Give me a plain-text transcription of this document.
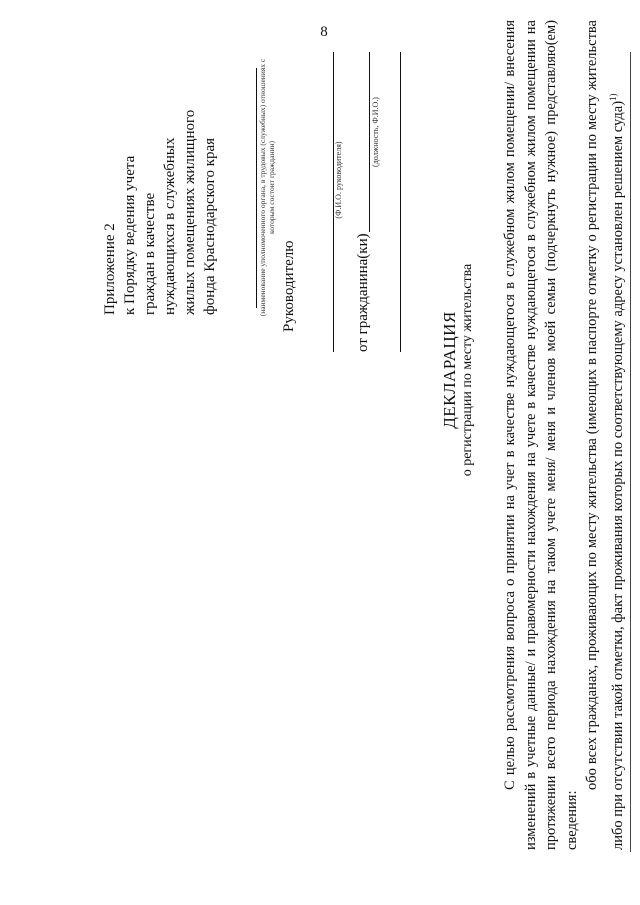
8
Приложение 2 к Порядку ведения учета граждан в качестве нуждающихся в служебных жилых помещениях жилищного фонда Краснодарского края	Руководителю
(наименование уполномоченного органа, в трудовых (служебных) отношениях с которым состоит гражданин)	(Ф.И.О. руководителя)
от гражданина(ки)
(должность, Ф.И.О.)
ДЕКЛАРАЦИЯ о регистрации по месту жительства С целью рассмотрения вопроса о принятии на учет в качестве нуждающегося в служебном жилом помещении/ внесения изменений в учетные данные/ и правомерности нахождения на учете в качестве нуждающегося в служебном жилом помещении на протяжении всего периода нахождения на таком учете меня/ меня и членов моей семьи (подчеркнуть нужное) представляю(ем) сведения:

обо всех гражданах, проживающих по месту жительства (имеющих в паспорте отметку о регистрации по месту жительства либо при отсутствии такой отметки, факт проживания которых по соответствующему адресу установлен решением суда)$^{1)}$
